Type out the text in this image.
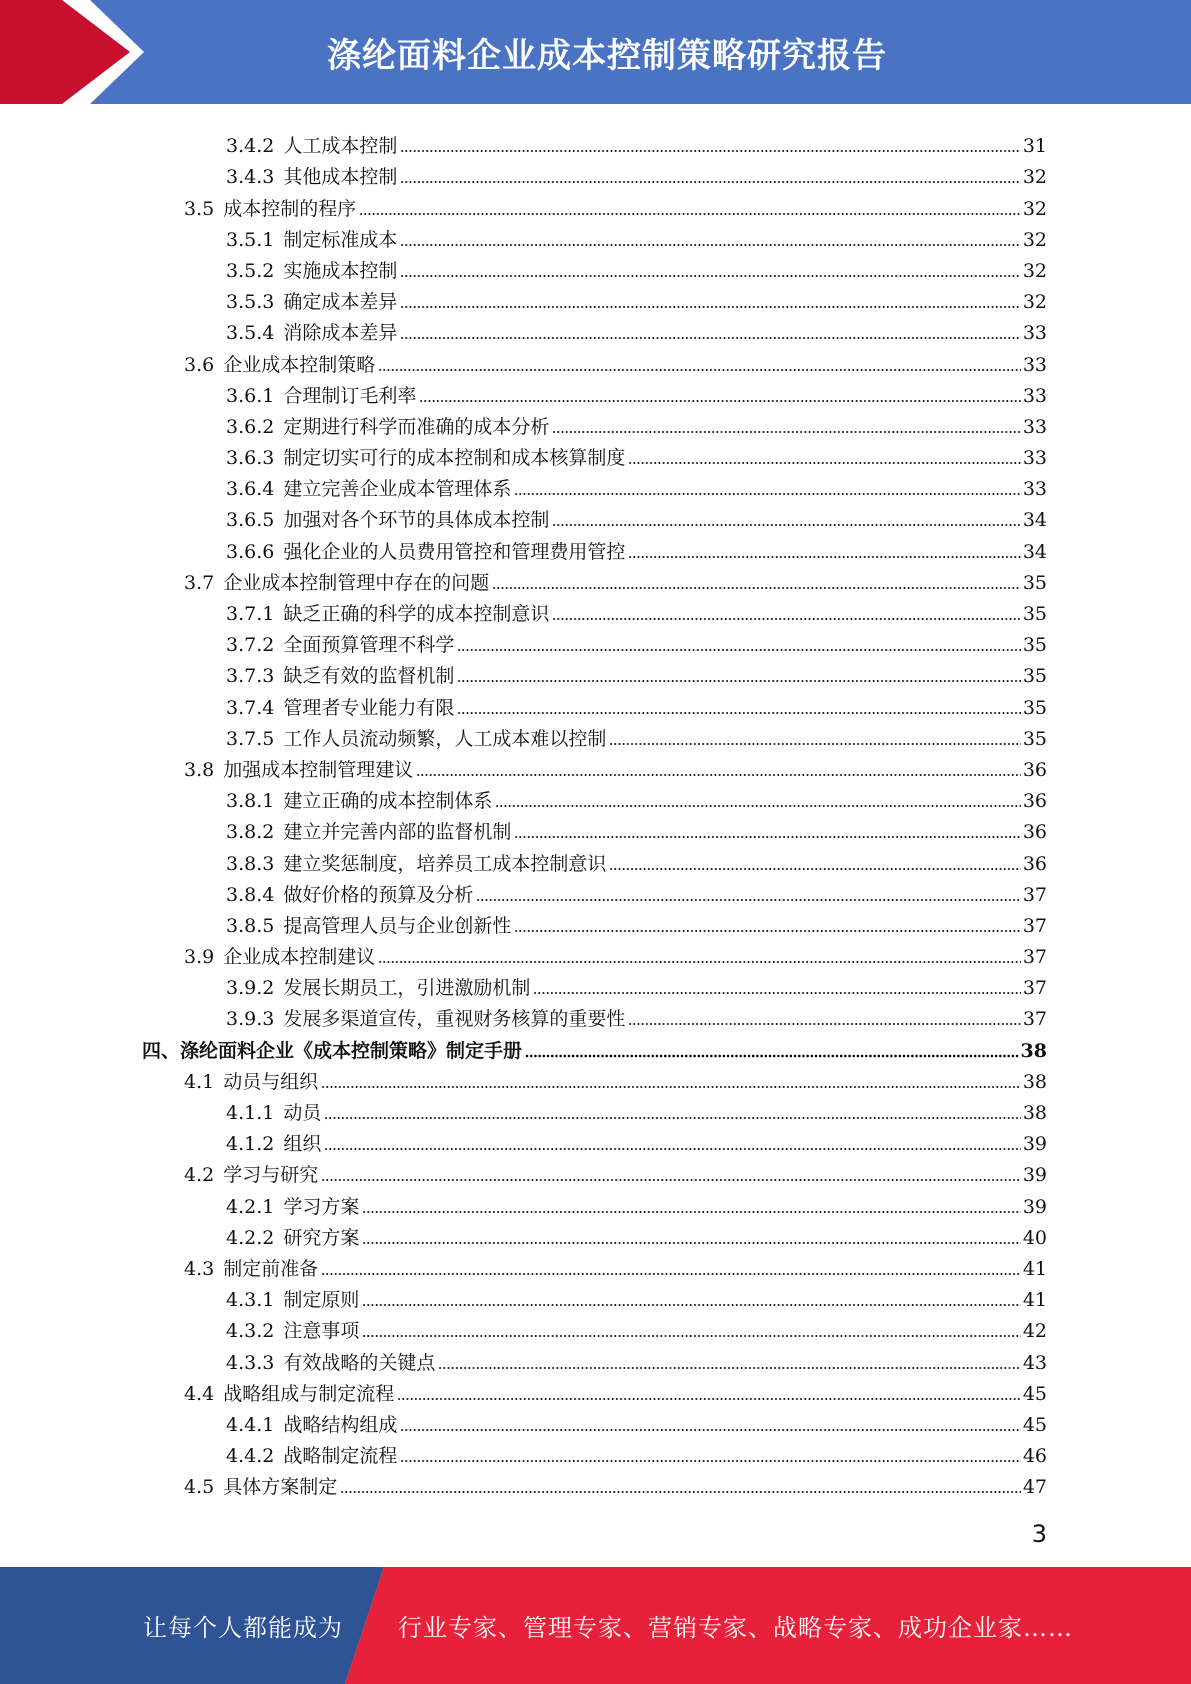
涤纶面料企业成本控制策略研究报告
3.4.2 人工成本控制	31
3.4.3 其他成本控制	32
3.5 成本控制的程序	32
3.5.1 制定标准成本	32
3.5.2 实施成本控制	32
3.5.3 确定成本差异	32
3.5.4 消除成本差异	33
3.6 企业成本控制策略	33
3.6.1 合理制订毛利率	33
3.6.2 定期进行科学而准确的成本分析	33
3.6.3 制定切实可行的成本控制和成本核算制度	33
3.6.4 建立完善企业成本管理体系	33
3.6.5 加强对各个环节的具体成本控制	34
3.6.6 强化企业的人员费用管控和管理费用管控	34
3.7 企业成本控制管理中存在的问题	35
3.7.1 缺乏正确的科学的成本控制意识	35
3.7.2 全面预算管理不科学	35
3.7.3 缺乏有效的监督机制	35
3.7.4 管理者专业能力有限	35
3.7.5 工作人员流动频繁，人工成本难以控制	35
3.8 加强成本控制管理建议	36
3.8.1 建立正确的成本控制体系	36
3.8.2 建立并完善内部的监督机制	36
3.8.3 建立奖惩制度，培养员工成本控制意识	36
3.8.4 做好价格的预算及分析	37
3.8.5 提高管理人员与企业创新性	37
3.9 企业成本控制建议	37
3.9.2 发展长期员工，引进激励机制	37
3.9.3 发展多渠道宣传，重视财务核算的重要性	37
四、 涤纶面料企业《成本控制策略》制定手册	38
4.1 动员与组织	38
4.1.1 动员	38
4.1.2 组织	39
4.2 学习与研究	39
4.2.1 学习方案	39
4.2.2 研究方案	40
4.3 制定前准备	41
4.3.1 制定原则	41
4.3.2 注意事项	42
4.3.3 有效战略的关键点	43
4.4 战略组成与制定流程	45
4.4.1 战略结构组成	45
4.4.2 战略制定流程	46
4.5 具体方案制定	47
3
让每个人都能成为 行业专家、管理专家、营销专家、战略专家、成功企业家……
